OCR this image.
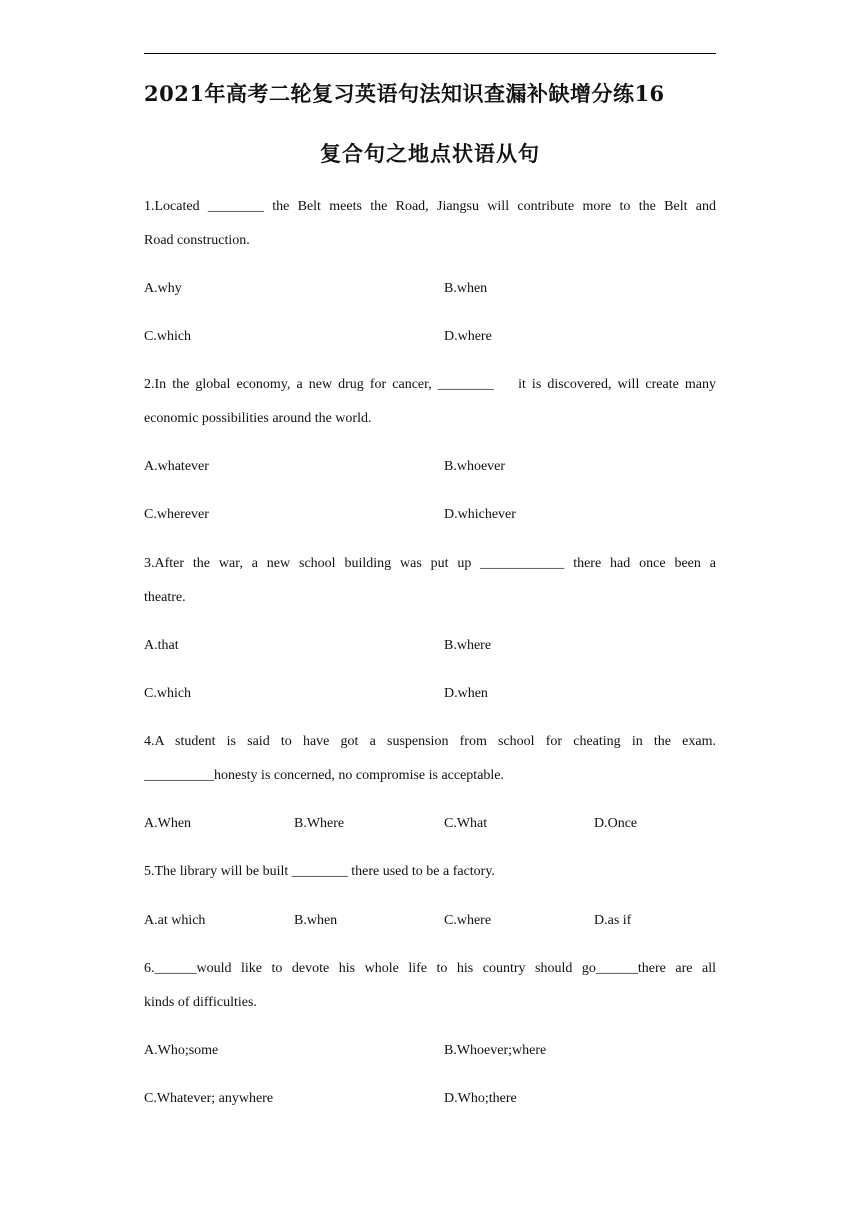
2021年高考二轮复习英语句法知识查漏补缺增分练16
复合句之地点状语从句
1.Located ________ the Belt meets the Road, Jiangsu will contribute more to the Belt and
Road construction.
A.why	B.when
C.which	D.where
2.In the global economy, a new drug for cancer, ________    it is discovered, will create many
economic possibilities around the world.
A.whatever	B.whoever
C.wherever	D.whichever
3.After the war, a new school building was put up ____________ there had once been a
theatre.
A.that	B.where
C.which	D.when
4.A student is said to have got a suspension from school for cheating in the exam.
__________honesty is concerned, no compromise is acceptable.
A.When	B.Where	C.What	D.Once
5.The library will be built ________ there used to be a factory.
A.at which	B.when	C.where	D.as if
6.______would like to devote his whole life to his country should go______there are all
kinds of difficulties.
A.Who;some	B.Whoever;where
C.Whatever; anywhere	D.Who;there
